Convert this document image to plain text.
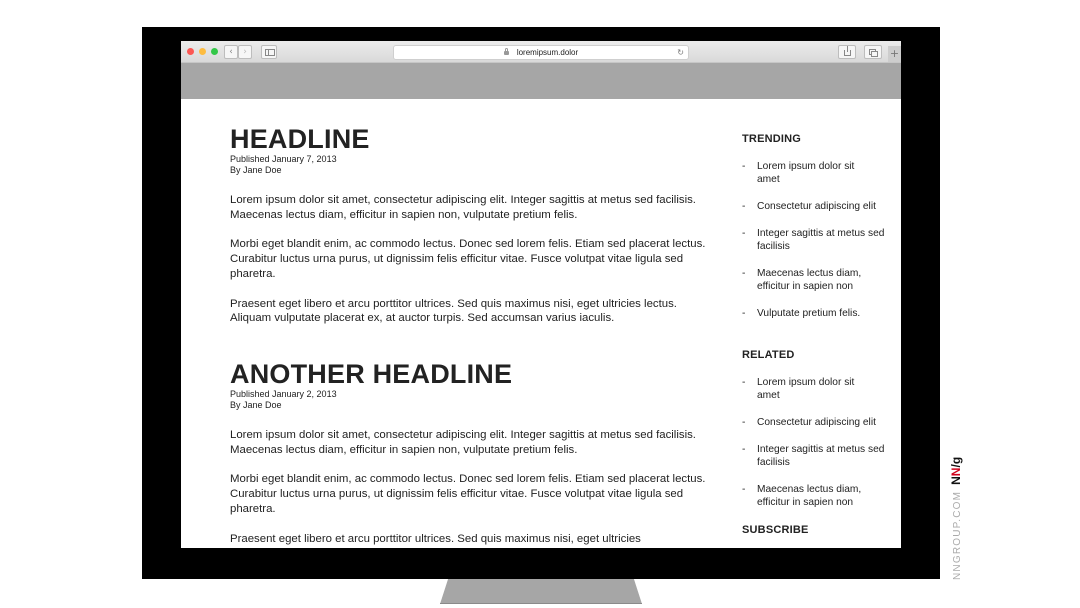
‹	›	loremipsum.dolor	↻	+
HEADLINE
Published January 7, 2013
By Jane Doe
Lorem ipsum dolor sit amet, consectetur adipiscing elit. Integer sagittis at metus sed facilisis. Maecenas lectus diam, efficitur in sapien non, vulputate pretium felis.
Morbi eget blandit enim, ac commodo lectus. Donec sed lorem felis. Etiam sed placerat lectus. Curabitur luctus urna purus, ut dignissim felis efficitur vitae. Fusce volutpat vitae ligula sed pharetra.
Praesent eget libero et arcu porttitor ultrices. Sed quis maximus nisi, eget ultricies lectus. Aliquam vulputate placerat ex, at auctor turpis. Sed accumsan varius iaculis.
ANOTHER HEADLINE
Published January 2, 2013
By Jane Doe
Lorem ipsum dolor sit amet, consectetur adipiscing elit. Integer sagittis at metus sed facilisis. Maecenas lectus diam, efficitur in sapien non, vulputate pretium felis.
Morbi eget blandit enim, ac commodo lectus. Donec sed lorem felis. Etiam sed placerat lectus. Curabitur luctus urna purus, ut dignissim felis efficitur vitae. Fusce volutpat vitae ligula sed pharetra.
Praesent eget libero et arcu porttitor ultrices. Sed quis maximus nisi, eget ultricies
TRENDING
- Lorem ipsum dolor sit amet
- Consectetur adipiscing elit
- Integer sagittis at metus sed facilisis
- Maecenas lectus diam, efficitur in sapien non
- Vulputate pretium felis.
RELATED
- Lorem ipsum dolor sit amet
- Consectetur adipiscing elit
- Integer sagittis at metus sed facilisis
- Maecenas lectus diam, efficitur in sapien non
SUBSCRIBE	NNGROUP.COMNN/g
